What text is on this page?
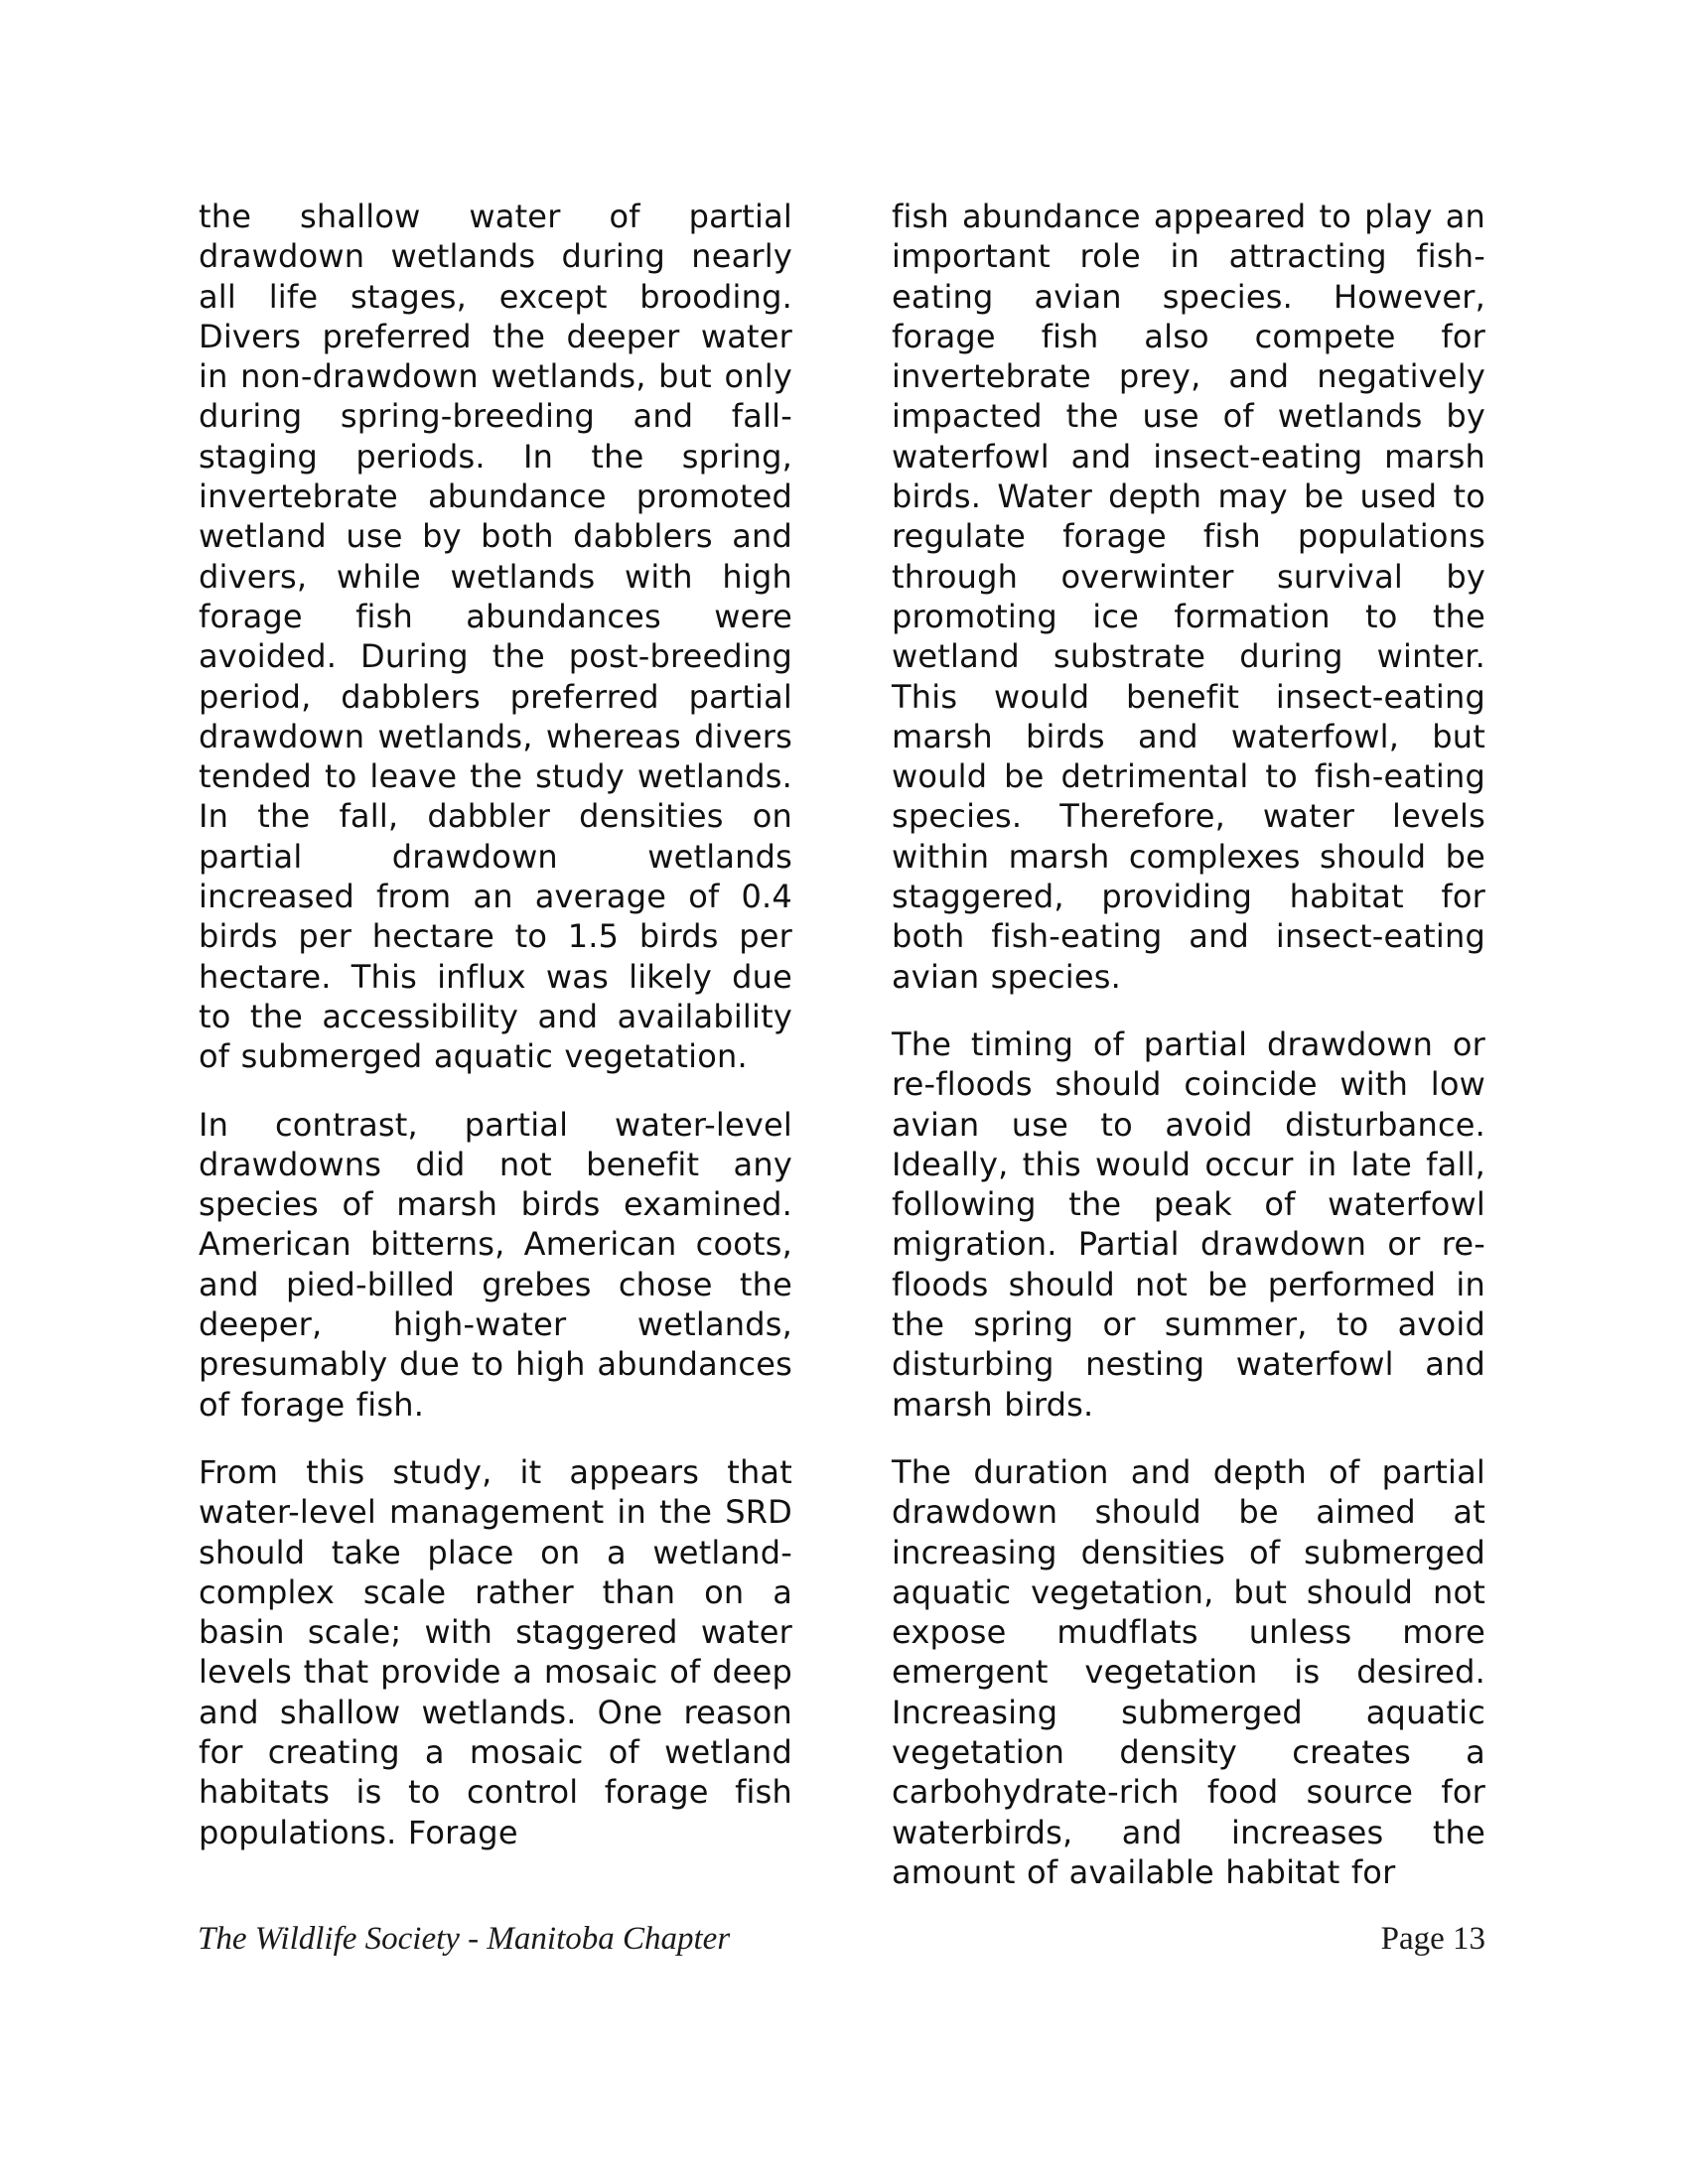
the shallow water of partial drawdown wetlands during nearly all life stages, except brooding. Divers preferred the deeper water in non-drawdown wetlands, but only during spring-breeding and fall-staging periods. In the spring, invertebrate abundance promoted wetland use by both dabblers and divers, while wetlands with high forage fish abundances were avoided. During the post-breeding period, dabblers preferred partial drawdown wetlands, whereas divers tended to leave the study wetlands. In the fall, dabbler densities on partial drawdown wetlands increased from an average of 0.4 birds per hectare to 1.5 birds per hectare. This influx was likely due to the accessibility and availability of submerged aquatic vegetation.

In contrast, partial water-level drawdowns did not benefit any species of marsh birds examined. American bitterns, American coots, and pied-billed grebes chose the deeper, high-water wetlands, presumably due to high abundances of forage fish.

From this study, it appears that water-level management in the SRD should take place on a wetland-complex scale rather than on a basin scale; with staggered water levels that provide a mosaic of deep and shallow wetlands. One reason for creating a mosaic of wetland habitats is to control forage fish populations. Forage

fish abundance appeared to play an important role in attracting fish-eating avian species. However, forage fish also compete for invertebrate prey, and negatively impacted the use of wetlands by waterfowl and insect-eating marsh birds. Water depth may be used to regulate forage fish populations through overwinter survival by promoting ice formation to the wetland substrate during winter. This would benefit insect-eating marsh birds and waterfowl, but would be detrimental to fish-eating species. Therefore, water levels within marsh complexes should be staggered, providing habitat for both fish-eating and insect-eating avian species.

The timing of partial drawdown or re-floods should coincide with low avian use to avoid disturbance. Ideally, this would occur in late fall, following the peak of waterfowl migration. Partial drawdown or re-floods should not be performed in the spring or summer, to avoid disturbing nesting waterfowl and marsh birds.

The duration and depth of partial drawdown should be aimed at increasing densities of submerged aquatic vegetation, but should not expose mudflats unless more emergent vegetation is desired. Increasing submerged aquatic vegetation density creates a carbohydrate-rich food source for waterbirds, and increases the amount of available habitat for

The Wildlife Society - Manitoba Chapter	Page 13
